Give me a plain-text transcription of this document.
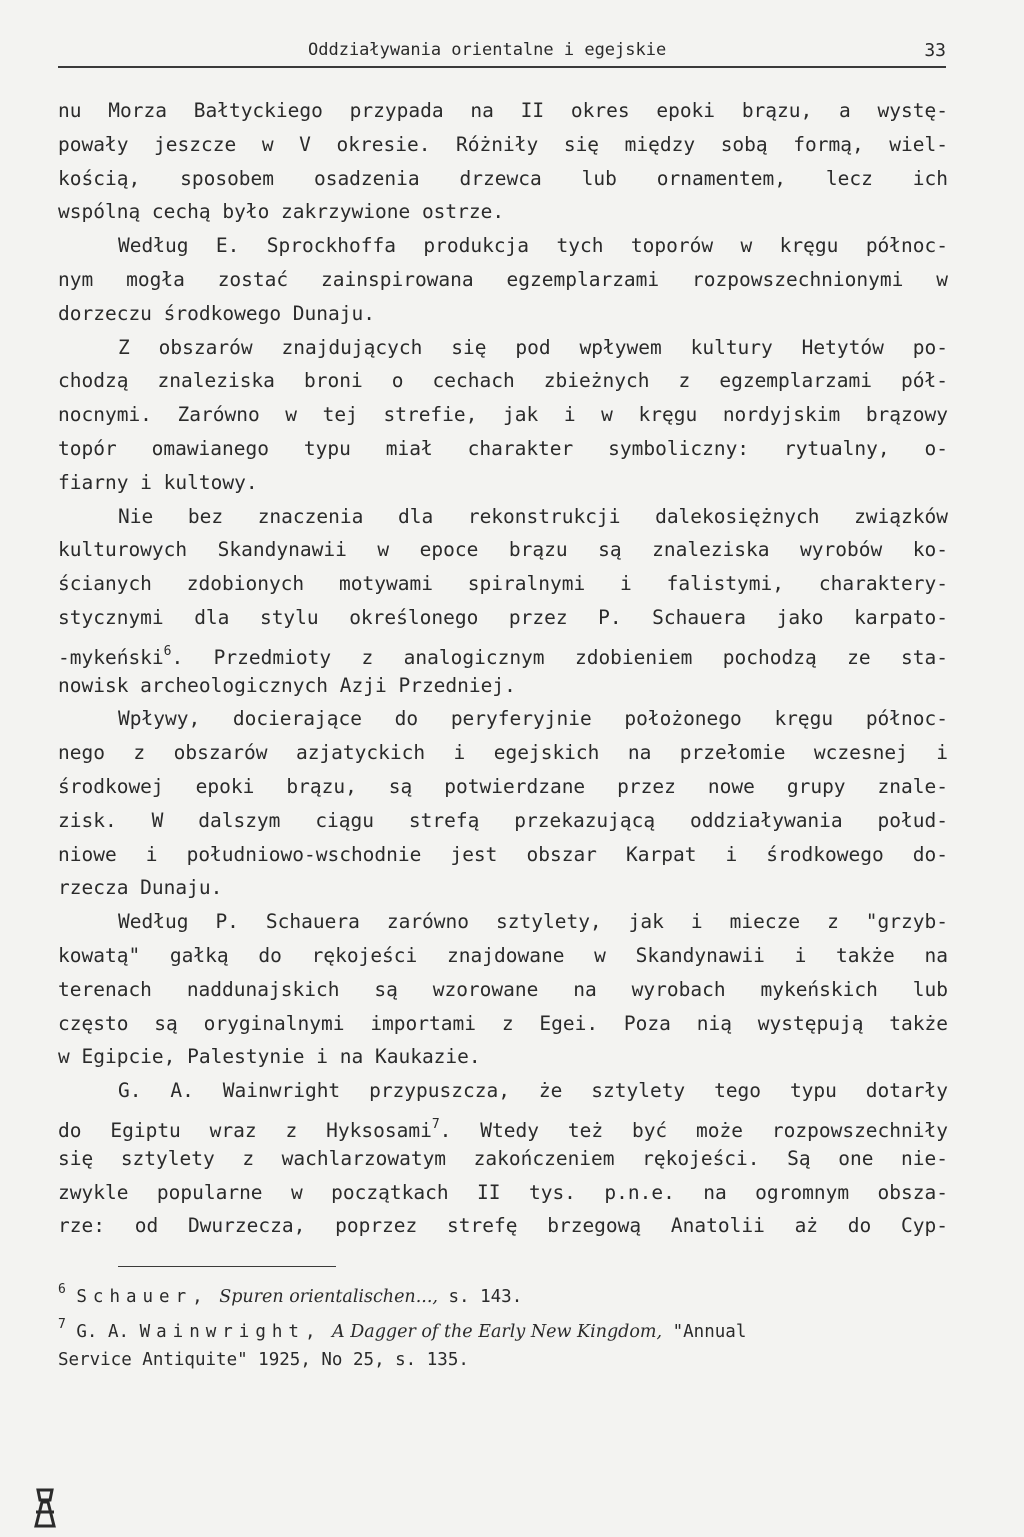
Oddziaływania orientalne i egejskie	33
nu Morza Bałtyckiego przypada na II okres epoki brązu, a wystę-
powały jeszcze w V okresie. Różniły się między sobą formą, wiel-
kością, sposobem osadzenia drzewca lub ornamentem, lecz ich
wspólną cechą było zakrzywione ostrze.
Według E. Sprockhoffa produkcja tych toporów w kręgu północ-
nym mogła zostać zainspirowana egzemplarzami rozpowszechnionymi w
dorzeczu środkowego Dunaju.
Z obszarów znajdujących się pod wpływem kultury Hetytów po-
chodzą znaleziska broni o cechach zbieżnych z egzemplarzami pół-
nocnymi. Zarówno w tej strefie, jak i w kręgu nordyjskim brązowy
topór omawianego typu miał charakter symboliczny: rytualny, o-
fiarny i kultowy.
Nie bez znaczenia dla rekonstrukcji dalekosiężnych związków
kulturowych Skandynawii w epoce brązu są znaleziska wyrobów ko-
ścianych zdobionych motywami spiralnymi i falistymi, charaktery-
stycznymi dla stylu określonego przez P. Schauera jako karpato-
-mykeński$^6$. Przedmioty z analogicznym zdobieniem pochodzą ze sta-
nowisk archeologicznych Azji Przedniej.
Wpływy, docierające do peryferyjnie położonego kręgu północ-
nego z obszarów azjatyckich i egejskich na przełomie wczesnej i
środkowej epoki brązu, są potwierdzane przez nowe grupy znale-
zisk. W dalszym ciągu strefą przekazującą oddziaływania połud-
niowe i południowo-wschodnie jest obszar Karpat i środkowego do-
rzecza Dunaju.
Według P. Schauera zarówno sztylety, jak i miecze z "grzyb-
kowatą" gałką do rękojeści znajdowane w Skandynawii i także na
terenach naddunajskich są wzorowane na wyrobach mykeńskich lub
często są oryginalnymi importami z Egei. Poza nią występują także
w Egipcie, Palestynie i na Kaukazie.
G. A. Wainwright przypuszcza, że sztylety tego typu dotarły
do Egiptu wraz z Hyksosami$^7$. Wtedy też być może rozpowszechniły
się sztylety z wachlarzowatym zakończeniem rękojeści. Są one nie-
zwykle popularne w początkach II tys. p.n.e. na ogromnym obsza-
rze: od Dwurzecza, poprzez strefę brzegową Anatolii aż do Cyp-
$^6$ Schauer, Spuren orientalischen..., s. 143.
$^7$ G. A. Wainwright, A Dagger of the Early New Kingdom, "Annual
Service Antiquite" 1925, No 25, s. 135.
